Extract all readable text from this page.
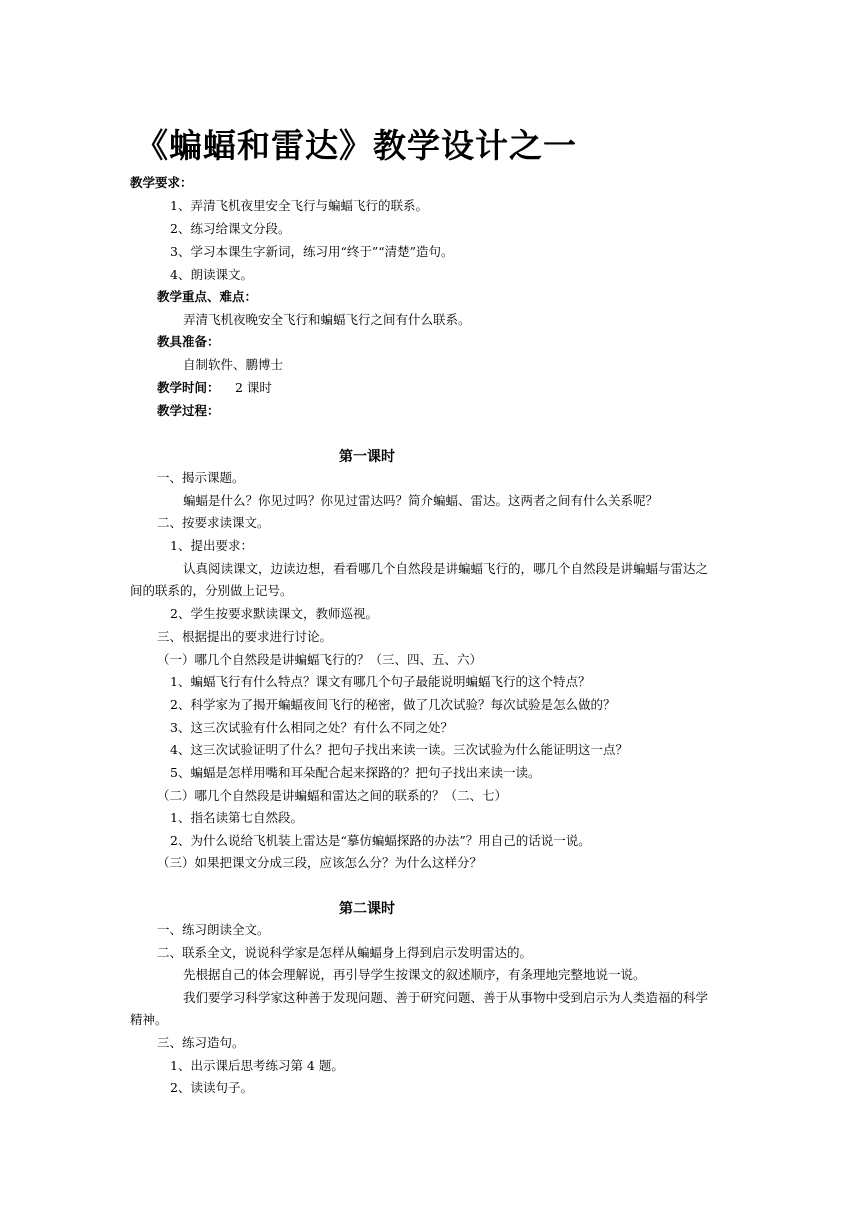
《蝙蝠和雷达》教学设计之一
教学要求：
1、弄清飞机夜里安全飞行与蝙蝠飞行的联系。
2、练习给课文分段。
3、学习本课生字新词，练习用“终于”“清楚”造句。
4、朗读课文。
教学重点、难点：
弄清飞机夜晚安全飞行和蝙蝠飞行之间有什么联系。
教具准备：
自制软件、鹏博士
教学时间： 2 课时
教学过程：
第一课时
一、揭示课题。
蝙蝠是什么？你见过吗？你见过雷达吗？简介蝙蝠、雷达。这两者之间有什么关系呢？
二、按要求读课文。
1、提出要求：
认真阅读课文，边读边想，看看哪几个自然段是讲蝙蝠飞行的，哪几个自然段是讲蝙蝠与雷达之
间的联系的，分别做上记号。
2、学生按要求默读课文，教师巡视。
三、根据提出的要求进行讨论。
（一）哪几个自然段是讲蝙蝠飞行的？（三、四、五、六）
1、蝙蝠飞行有什么特点？课文有哪几个句子最能说明蝙蝠飞行的这个特点？
2、科学家为了揭开蝙蝠夜间飞行的秘密，做了几次试验？每次试验是怎么做的？
3、这三次试验有什么相同之处？有什么不同之处？
4、这三次试验证明了什么？把句子找出来读一读。三次试验为什么能证明这一点？
5、蝙蝠是怎样用嘴和耳朵配合起来探路的？把句子找出来读一读。
（二）哪几个自然段是讲蝙蝠和雷达之间的联系的？（二、七）
1、指名读第七自然段。
2、为什么说给飞机装上雷达是“摹仿蝙蝠探路的办法”？用自己的话说一说。
（三）如果把课文分成三段，应该怎么分？为什么这样分？
第二课时
一、练习朗读全文。
二、联系全文，说说科学家是怎样从蝙蝠身上得到启示发明雷达的。
先根据自己的体会理解说，再引导学生按课文的叙述顺序，有条理地完整地说一说。
我们要学习科学家这种善于发现问题、善于研究问题、善于从事物中受到启示为人类造福的科学
精神。
三、练习造句。
1、出示课后思考练习第 4 题。
2、读读句子。
